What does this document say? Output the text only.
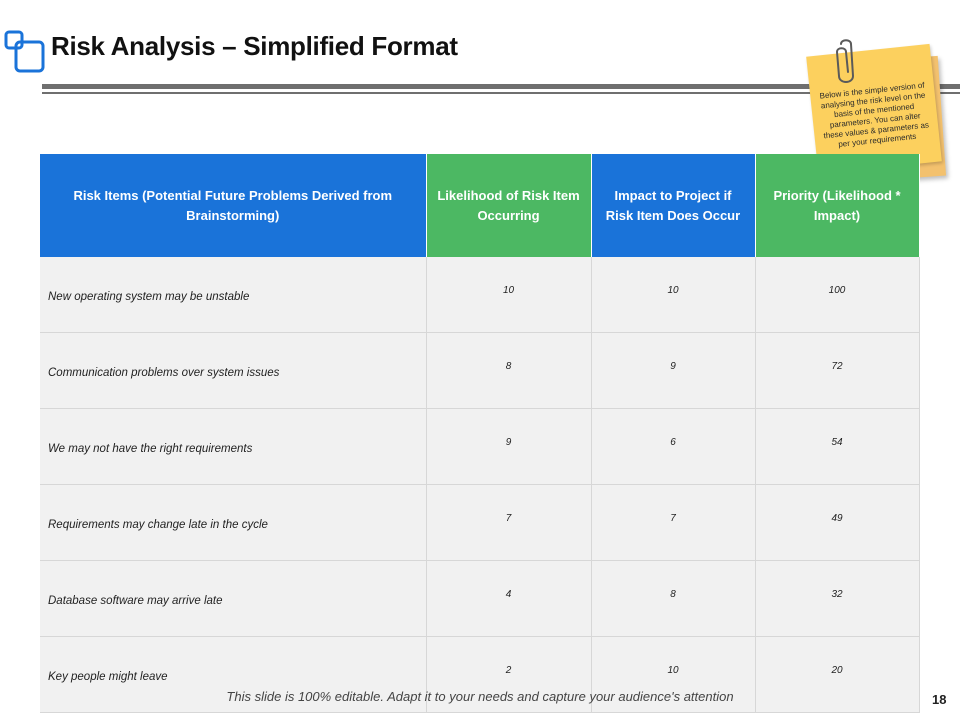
Risk Analysis – Simplified Format
Below is the simple version of analysing the risk level on the basis of the mentioned parameters. You can alter these values & parameters as per your requirements
Risk Items (Potential Future Problems Derived from Brainstorming)	Likelihood of Risk Item Occurring	Impact to Project if Risk Item Does Occur	Priority (Likelihood * Impact)
New operating system may be unstable	10	10	100
Communication problems over system issues	8	9	72
We may not have the right requirements	9	6	54
Requirements may change late in the cycle	7	7	49
Database software may arrive late	4	8	32
Key people might leave	2	10	20
This slide is 100% editable. Adapt it to your needs and capture your audience's attention	18
